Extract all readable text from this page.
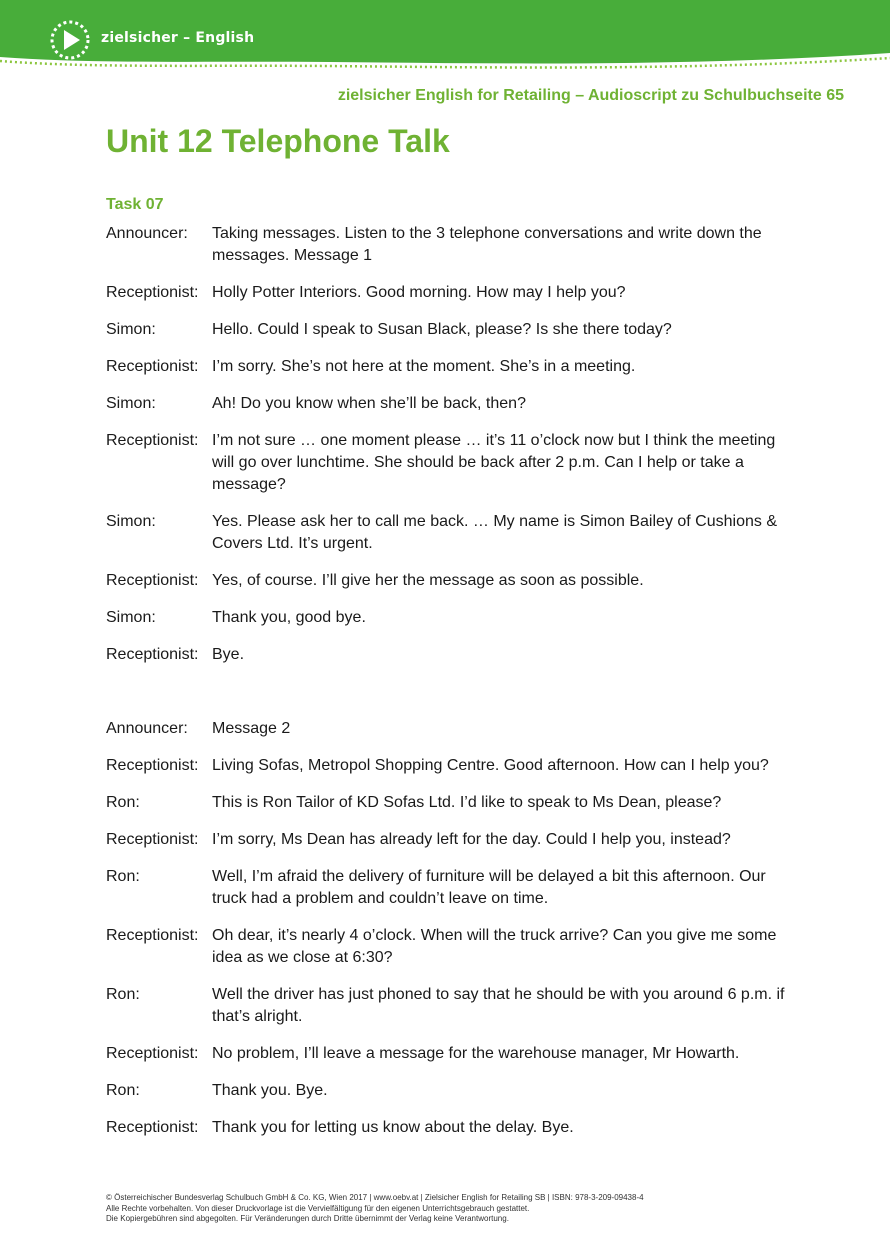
zielsicher – English
zielsicher English for Retailing – Audioscript zu Schulbuchseite 65
Unit 12 Telephone Talk
Task 07
Announcer:	Taking messages. Listen to the 3 telephone conversations and write down the messages. Message 1
Receptionist: Holly Potter Interiors. Good morning. How may I help you?
Simon:	Hello. Could I speak to Susan Black, please? Is she there today?
Receptionist: I’m sorry. She’s not here at the moment. She’s in a meeting.
Simon:	Ah! Do you know when she’ll be back, then?
Receptionist: I’m not sure … one moment please … it’s 11 o’clock now but I think the meeting will go over lunchtime. She should be back after 2 p.m. Can I help or take a message?
Simon:	Yes. Please ask her to call me back. … My name is Simon Bailey of Cushions & Covers Ltd. It’s urgent.
Receptionist: Yes, of course. I’ll give her the message as soon as possible.
Simon:	Thank you, good bye.
Receptionist: Bye.
Announcer:	Message 2
Receptionist: Living Sofas, Metropol Shopping Centre. Good afternoon. How can I help you?
Ron:	This is Ron Tailor of KD Sofas Ltd. I’d like to speak to Ms Dean, please?
Receptionist: I’m sorry, Ms Dean has already left for the day. Could I help you, instead?
Ron:	Well, I’m afraid the delivery of furniture will be delayed a bit this afternoon. Our truck had a problem and couldn’t leave on time.
Receptionist: Oh dear, it’s nearly 4 o’clock. When will the truck arrive? Can you give me some idea as we close at 6:30?
Ron:	Well the driver has just phoned to say that he should be with you around 6 p.m. if that’s alright.
Receptionist: No problem, I’ll leave a message for the warehouse manager, Mr Howarth.
Ron:	Thank you. Bye.
Receptionist: Thank you for letting us know about the delay. Bye.
© Österreichischer Bundesverlag Schulbuch GmbH & Co. KG, Wien 2017 | www.oebv.at | Zielsicher English for Retailing SB | ISBN: 978-3-209-09438-4
Alle Rechte vorbehalten. Von dieser Druckvorlage ist die Vervielfältigung für den eigenen Unterrichtsgebrauch gestattet.
Die Kopiergebühren sind abgegolten. Für Veränderungen durch Dritte übernimmt der Verlag keine Verantwortung.
